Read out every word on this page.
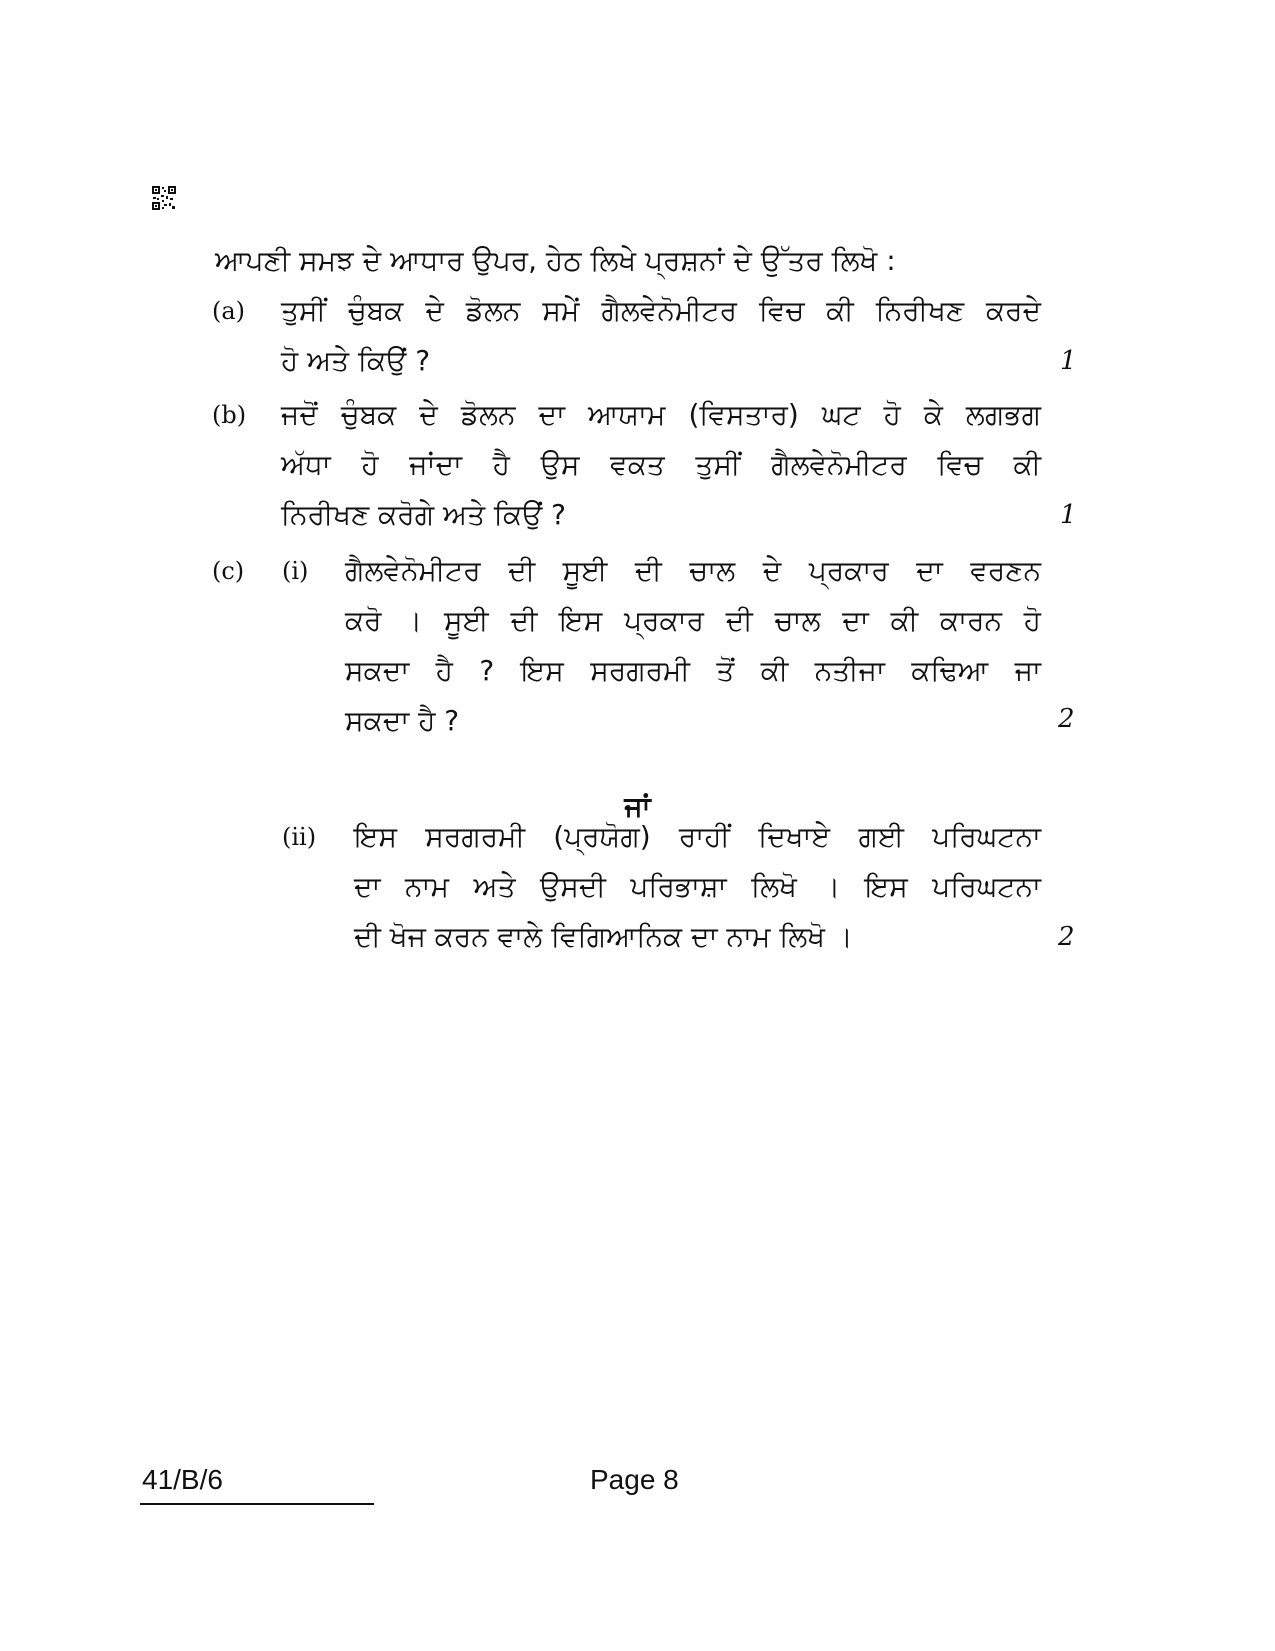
ਆਪਣੀ ਸਮਝ ਦੇ ਆਧਾਰ ਉਪਰ, ਹੇਠ ਲਿਖੇ ਪ੍ਰਸ਼ਨਾਂ ਦੇ ਉੱਤਰ ਲਿਖੋ :
(a) ਤੁਸੀਂ ਚੁੰਬਕ ਦੇ ਡੋਲਨ ਸਮੇਂ ਗੈਲਵੇਨੋਮੀਟਰ ਵਿਚ ਕੀ ਨਿਰੀਖਣ ਕਰਦੇ
ਹੋ ਅਤੇ ਕਿਉਂ ?	1
(b) ਜਦੋਂ ਚੁੰਬਕ ਦੇ ਡੋਲਨ ਦਾ ਆਯਾਮ (ਵਿਸਤਾਰ) ਘਟ ਹੋ ਕੇ ਲਗਭਗ
ਅੱਧਾ ਹੋ ਜਾਂਦਾ ਹੈ ਉਸ ਵਕਤ ਤੁਸੀਂ ਗੈਲਵੇਨੋਮੀਟਰ ਵਿਚ ਕੀ
ਨਿਰੀਖਣ ਕਰੋਗੇ ਅਤੇ ਕਿਉਂ ?	1
(c) (i) ਗੈਲਵੇਨੋਮੀਟਰ ਦੀ ਸੂਈ ਦੀ ਚਾਲ ਦੇ ਪ੍ਰਕਾਰ ਦਾ ਵਰਣਨ
ਕਰੋ । ਸੂਈ ਦੀ ਇਸ ਪ੍ਰਕਾਰ ਦੀ ਚਾਲ ਦਾ ਕੀ ਕਾਰਨ ਹੋ
ਸਕਦਾ ਹੈ ? ਇਸ ਸਰਗਰਮੀ ਤੋਂ ਕੀ ਨਤੀਜਾ ਕਢਿਆ ਜਾ
ਸਕਦਾ ਹੈ ?	2
ਜਾਂ
(ii) ਇਸ ਸਰਗਰਮੀ (ਪ੍ਰਯੋਗ) ਰਾਹੀਂ ਦਿਖਾਏ ਗਈ ਪਰਿਘਟਨਾ
ਦਾ ਨਾਮ ਅਤੇ ਉਸਦੀ ਪਰਿਭਾਸ਼ਾ ਲਿਖੋ । ਇਸ ਪਰਿਘਟਨਾ
ਦੀ ਖੋਜ ਕਰਨ ਵਾਲੇ ਵਿਗਿਆਨਿਕ ਦਾ ਨਾਮ ਲਿਖੋ ।	2
41/B/6	Page 8
